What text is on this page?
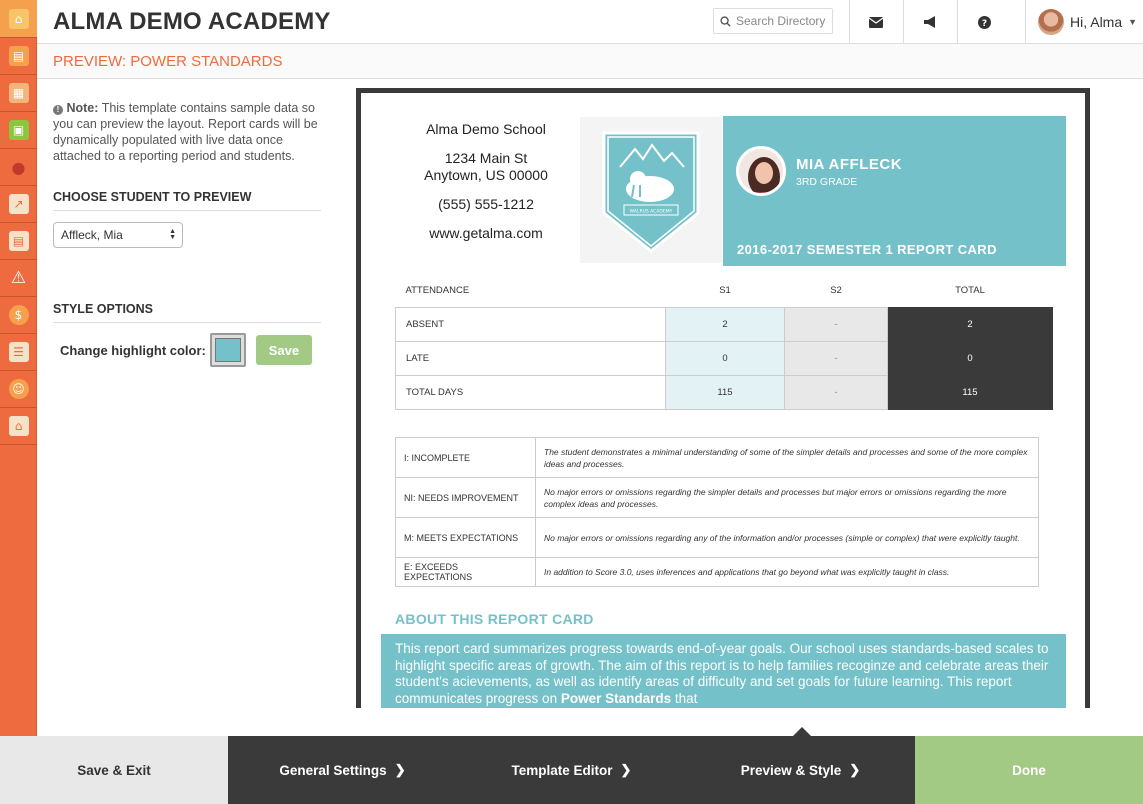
⌂
▤
▦
▣
●
↗
▤
⚠
$
☰
☺
⌂
ALMA DEMO ACADEMY	Search Directory	?	Hi, Alma ▼
PREVIEW: POWER STANDARDS
! Note: This template contains sample data so you can preview the layout. Report cards will be dynamically populated with live data once attached to a reporting period and students.
CHOOSE STUDENT TO PREVIEW
Affleck, Mia	▲
▼
STYLE OPTIONS
Change highlight color:	Save
Alma Demo School
1234 Main St
Anytown, US 00000
(555) 555-1212
www.getalma.com
WALRUS ACADEMY
MIA AFFLECK
3RD GRADE
2016-2017 SEMESTER 1 REPORT CARD
ATTENDANCE	S1	S2	TOTAL
ABSENT	2	-	2
LATE	0	-	0
TOTAL DAYS	115	-	115
I: INCOMPLETE	The student demonstrates a minimal understanding of some of the simpler details and processes and some of the more complex ideas and processes.
NI: NEEDS IMPROVEMENT	No major errors or omissions regarding the simpler details and processes but major errors or omissions regarding the more complex ideas and processes.
M: MEETS EXPECTATIONS	No major errors or omissions regarding any of the information and/or processes (simple or complex) that were explicitly taught.
E: EXCEEDS EXPECTATIONS	In addition to Score 3.0, uses inferences and applications that go beyond what was explicitly taught in class.
ABOUT THIS REPORT CARD
This report card summarizes progress towards end-of-year goals. Our school uses standards-based scales to highlight specific areas of growth. The aim of this report is to help families recoginze and celebrate areas their student's acievements, as well as identify areas of difficulty and set goals for future learning. This report communicates progress on Power Standards that
Save & Exit	General Settings ❯	Template Editor ❯	Preview & Style ❯	Done
